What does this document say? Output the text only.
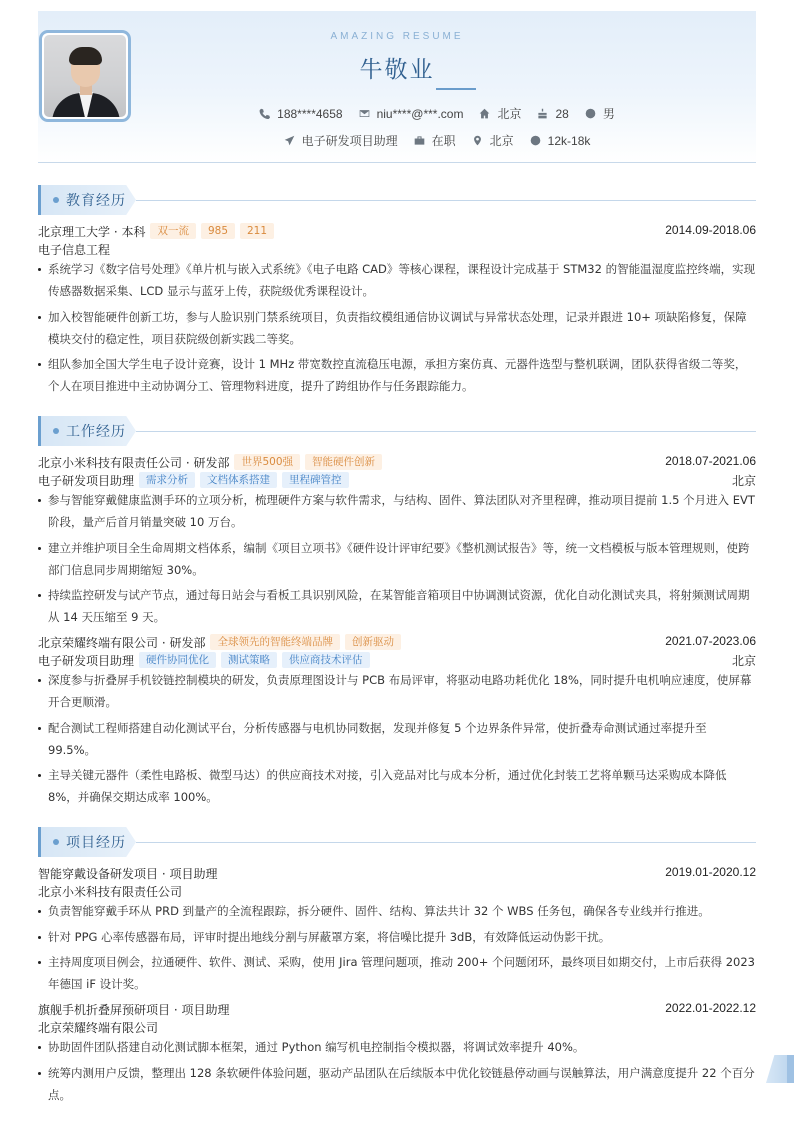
AMAZING RESUME
牛敬业
188****4658	niu****@***.com	北京	28	男
电子研发项目助理	在职	北京	12k-18k
教育经历
北京理工大学 · 本科	双一流	985	211	2014.09-2018.06
电子信息工程
系统学习《数字信号处理》《单片机与嵌入式系统》《电子电路 CAD》等核心课程，课程设计完成基于 STM32 的智能温湿度监控终端，实现传感器数据采集、LCD 显示与蓝牙上传，获院级优秀课程设计。
加入校智能硬件创新工坊，参与人脸识别门禁系统项目，负责指纹模组通信协议调试与异常状态处理，记录并跟进 10+ 项缺陷修复，保障模块交付的稳定性，项目获院级创新实践二等奖。
组队参加全国大学生电子设计竞赛，设计 1 MHz 带宽数控直流稳压电源，承担方案仿真、元器件选型与整机联调，团队获得省级二等奖，个人在项目推进中主动协调分工、管理物料进度，提升了跨组协作与任务跟踪能力。
工作经历
北京小米科技有限责任公司 · 研发部	世界500强	智能硬件创新	2018.07-2021.06
电子研发项目助理	需求分析	文档体系搭建	里程碑管控	北京
参与智能穿戴健康监测手环的立项分析，梳理硬件方案与软件需求，与结构、固件、算法团队对齐里程碑，推动项目提前 1.5 个月进入 EVT 阶段，量产后首月销量突破 10 万台。
建立并维护项目全生命周期文档体系，编制《项目立项书》《硬件设计评审纪要》《整机测试报告》等，统一文档模板与版本管理规则，使跨部门信息同步周期缩短 30%。
持续监控研发与试产节点，通过每日站会与看板工具识别风险，在某智能音箱项目中协调测试资源，优化自动化测试夹具，将射频测试周期从 14 天压缩至 9 天。
北京荣耀终端有限公司 · 研发部	全球领先的智能终端品牌	创新驱动	2021.07-2023.06
电子研发项目助理	硬件协同优化	测试策略	供应商技术评估	北京
深度参与折叠屏手机铰链控制模块的研发，负责原理图设计与 PCB 布局评审，将驱动电路功耗优化 18%，同时提升电机响应速度，使屏幕开合更顺滑。
配合测试工程师搭建自动化测试平台，分析传感器与电机协同数据，发现并修复 5 个边界条件异常，使折叠寿命测试通过率提升至 99.5%。
主导关键元器件（柔性电路板、微型马达）的供应商技术对接，引入竞品对比与成本分析，通过优化封装工艺将单颗马达采购成本降低 8%，并确保交期达成率 100%。
项目经历
智能穿戴设备研发项目 · 项目助理	2019.01-2020.12
北京小米科技有限责任公司
负责智能穿戴手环从 PRD 到量产的全流程跟踪，拆分硬件、固件、结构、算法共计 32 个 WBS 任务包，确保各专业线并行推进。
针对 PPG 心率传感器布局，评审时提出地线分割与屏蔽罩方案，将信噪比提升 3dB，有效降低运动伪影干扰。
主持周度项目例会，拉通硬件、软件、测试、采购，使用 Jira 管理问题项，推动 200+ 个问题闭环，最终项目如期交付，上市后获得 2023 年德国 iF 设计奖。
旗舰手机折叠屏预研项目 · 项目助理	2022.01-2022.12
北京荣耀终端有限公司
协助固件团队搭建自动化测试脚本框架，通过 Python 编写机电控制指令模拟器，将调试效率提升 40%。
统筹内测用户反馈，整理出 128 条软硬件体验问题，驱动产品团队在后续版本中优化铰链悬停动画与误触算法，用户满意度提升 22 个百分点。
